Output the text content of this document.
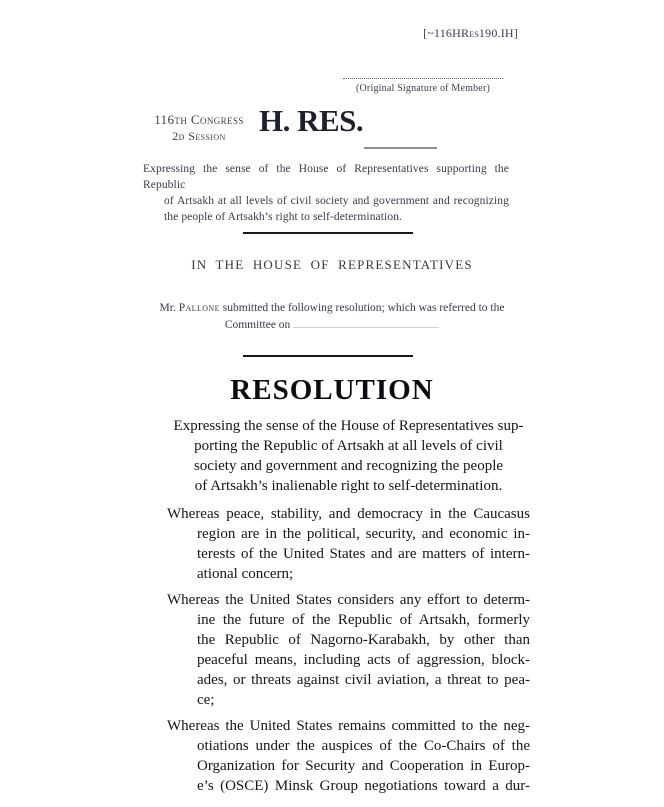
[~116HRes190.IH]
(Original Signature of Member)
116th Congress
2d Session	H. RES.
Expressing the sense of the House of Representatives supporting the Republic
of Artsakh at all levels of civil society and government and recognizing
the people of Artsakh’s right to self-determination.
IN THE HOUSE OF REPRESENTATIVES
Mr. Pallone submitted the following resolution; which was referred to the
Committee on
RESOLUTION
Expressing the sense of the House of Representatives sup-
porting the Republic of Artsakh at all levels of civil
society and government and recognizing the people
of Artsakh’s inalienable right to self-determination.
Whereas peace, stability, and democracy in the Caucasus
region are in the political, security, and economic in-
terests of the United States and are matters of intern-
ational concern;
Whereas the United States considers any effort to determ-
ine the future of the Republic of Artsakh, formerly
the Republic of Nagorno-Karabakh, by other than
peaceful means, including acts of aggression, block-
ades, or threats against civil aviation, a threat to pea-
ce;
Whereas the United States remains committed to the neg-
otiations under the auspices of the Co-Chairs of the
Organization for Security and Cooperation in Europ-
e’s (OSCE) Minsk Group negotiations toward a dur-
